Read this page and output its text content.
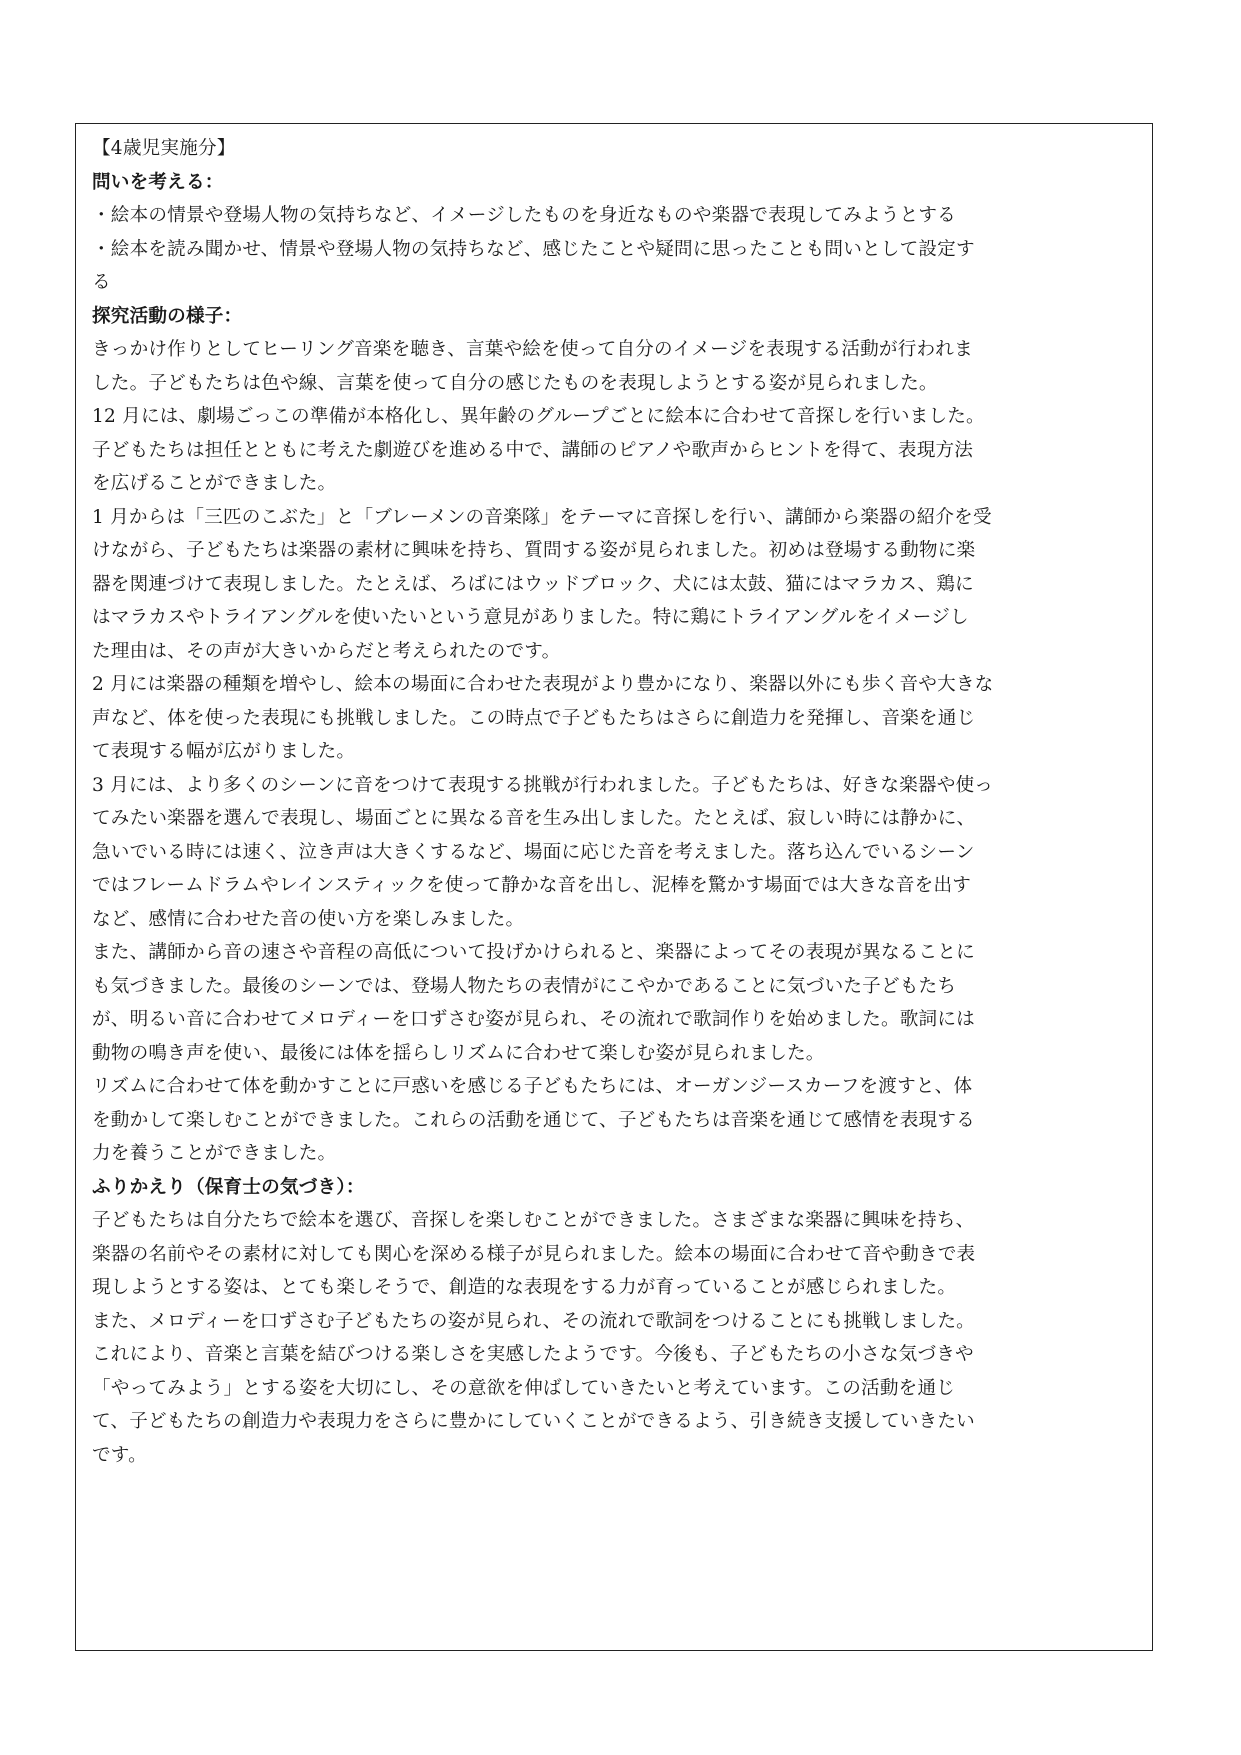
【4歳児実施分】
問いを考える：
・絵本の情景や登場人物の気持ちなど、イメージしたものを身近なものや楽器で表現してみようとする
・絵本を読み聞かせ、情景や登場人物の気持ちなど、感じたことや疑問に思ったことも問いとして設定す
る
探究活動の様子：
きっかけ作りとしてヒーリング音楽を聴き、言葉や絵を使って自分のイメージを表現する活動が行われま
した。子どもたちは色や線、言葉を使って自分の感じたものを表現しようとする姿が見られました。
12 月には、劇場ごっこの準備が本格化し、異年齢のグループごとに絵本に合わせて音探しを行いました。
子どもたちは担任とともに考えた劇遊びを進める中で、講師のピアノや歌声からヒントを得て、表現方法
を広げることができました。
1 月からは「三匹のこぶた」と「ブレーメンの音楽隊」をテーマに音探しを行い、講師から楽器の紹介を受
けながら、子どもたちは楽器の素材に興味を持ち、質問する姿が見られました。初めは登場する動物に楽
器を関連づけて表現しました。たとえば、ろばにはウッドブロック、犬には太鼓、猫にはマラカス、鶏に
はマラカスやトライアングルを使いたいという意見がありました。特に鶏にトライアングルをイメージし
た理由は、その声が大きいからだと考えられたのです。
2 月には楽器の種類を増やし、絵本の場面に合わせた表現がより豊かになり、楽器以外にも歩く音や大きな
声など、体を使った表現にも挑戦しました。この時点で子どもたちはさらに創造力を発揮し、音楽を通じ
て表現する幅が広がりました。
3 月には、より多くのシーンに音をつけて表現する挑戦が行われました。子どもたちは、好きな楽器や使っ
てみたい楽器を選んで表現し、場面ごとに異なる音を生み出しました。たとえば、寂しい時には静かに、
急いでいる時には速く、泣き声は大きくするなど、場面に応じた音を考えました。落ち込んでいるシーン
ではフレームドラムやレインスティックを使って静かな音を出し、泥棒を驚かす場面では大きな音を出す
など、感情に合わせた音の使い方を楽しみました。
また、講師から音の速さや音程の高低について投げかけられると、楽器によってその表現が異なることに
も気づきました。最後のシーンでは、登場人物たちの表情がにこやかであることに気づいた子どもたち
が、明るい音に合わせてメロディーを口ずさむ姿が見られ、その流れで歌詞作りを始めました。歌詞には
動物の鳴き声を使い、最後には体を揺らしリズムに合わせて楽しむ姿が見られました。
リズムに合わせて体を動かすことに戸惑いを感じる子どもたちには、オーガンジースカーフを渡すと、体
を動かして楽しむことができました。これらの活動を通じて、子どもたちは音楽を通じて感情を表現する
力を養うことができました。
ふりかえり（保育士の気づき）：
子どもたちは自分たちで絵本を選び、音探しを楽しむことができました。さまざまな楽器に興味を持ち、
楽器の名前やその素材に対しても関心を深める様子が見られました。絵本の場面に合わせて音や動きで表
現しようとする姿は、とても楽しそうで、創造的な表現をする力が育っていることが感じられました。
また、メロディーを口ずさむ子どもたちの姿が見られ、その流れで歌詞をつけることにも挑戦しました。
これにより、音楽と言葉を結びつける楽しさを実感したようです。今後も、子どもたちの小さな気づきや
「やってみよう」とする姿を大切にし、その意欲を伸ばしていきたいと考えています。この活動を通じ
て、子どもたちの創造力や表現力をさらに豊かにしていくことができるよう、引き続き支援していきたい
です。
